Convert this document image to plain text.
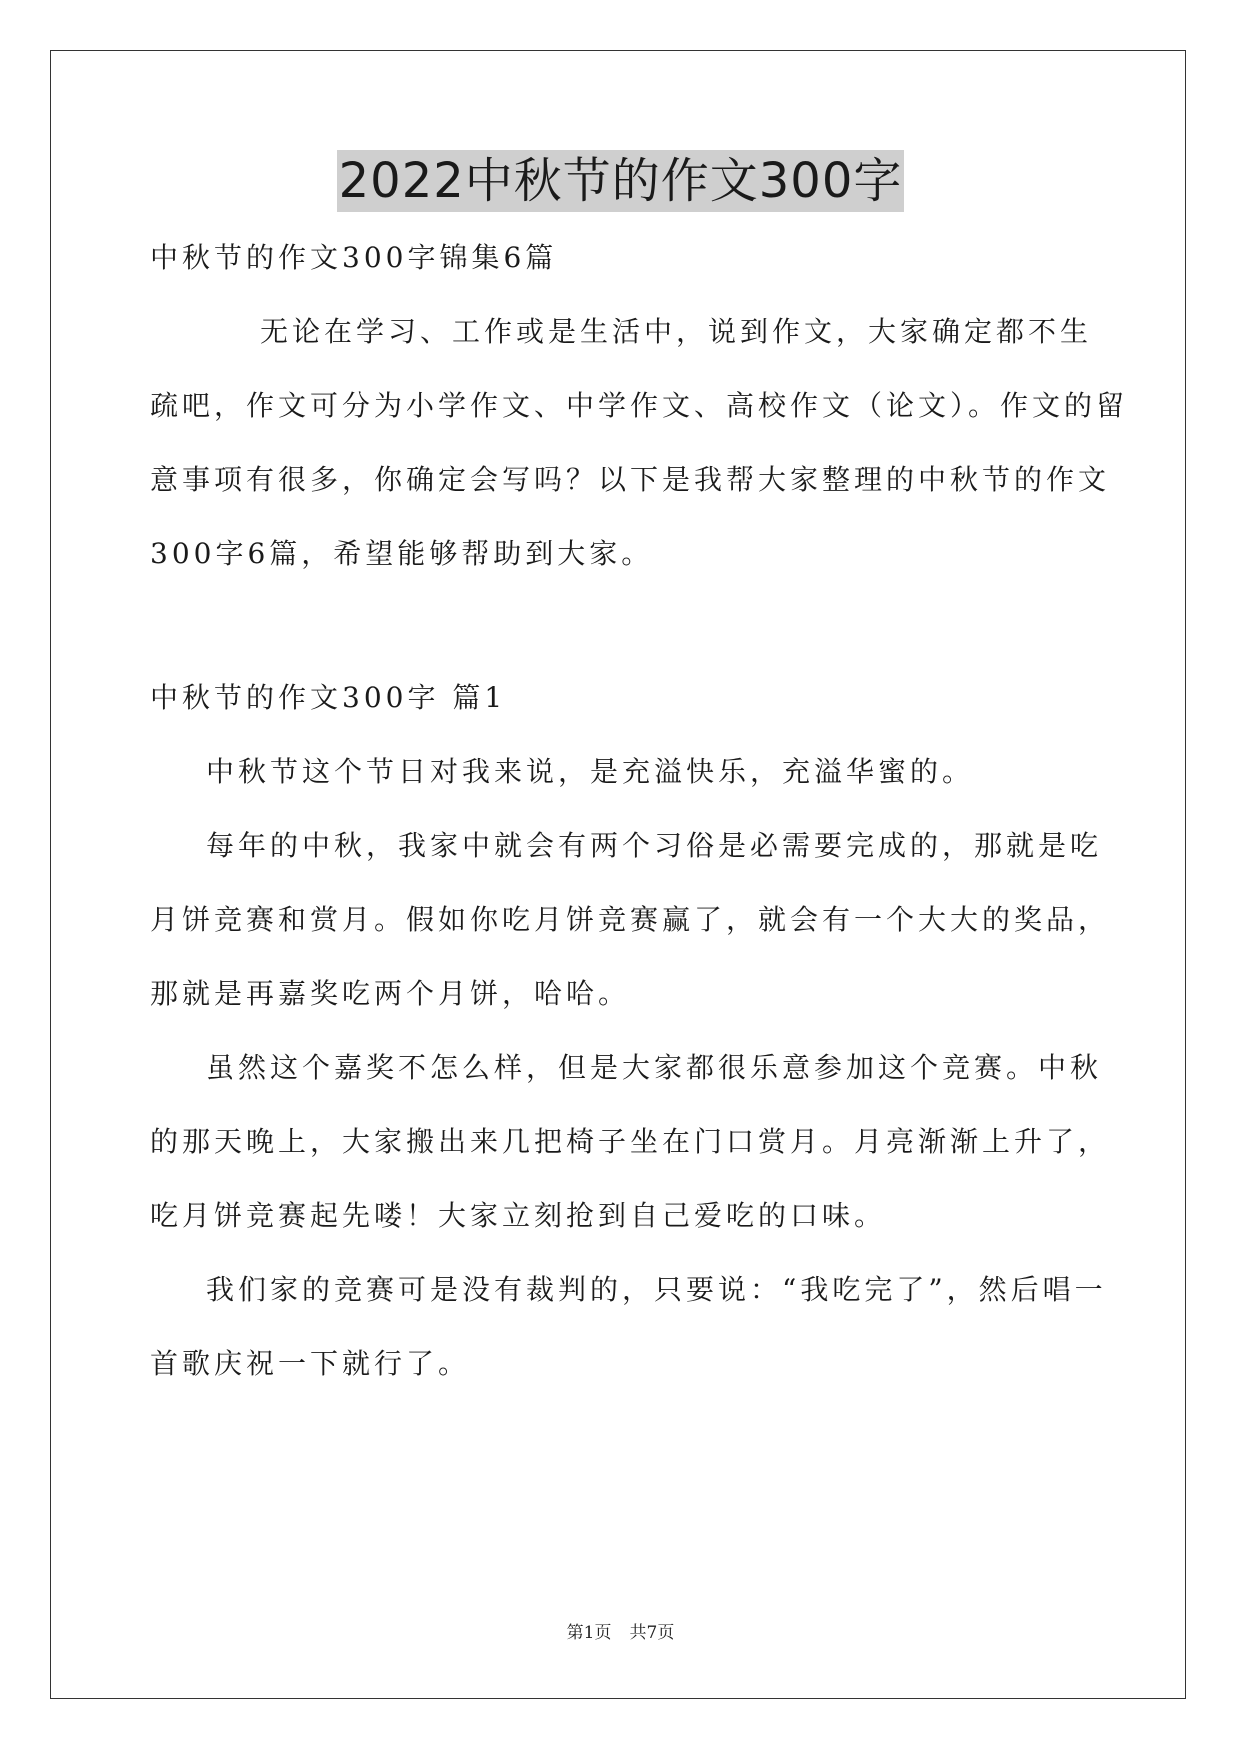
2022中秋节的作文300字
中秋节的作文300字锦集6篇
无论在学习、工作或是生活中，说到作文，大家确定都不生
疏吧，作文可分为小学作文、中学作文、高校作文（论文）。作文的留
意事项有很多，你确定会写吗？以下是我帮大家整理的中秋节的作文
300字6篇，希望能够帮助到大家。
中秋节的作文300字 篇1
中秋节这个节日对我来说，是充溢快乐，充溢华蜜的。
每年的中秋，我家中就会有两个习俗是必需要完成的，那就是吃
月饼竞赛和赏月。假如你吃月饼竞赛赢了，就会有一个大大的奖品，
那就是再嘉奖吃两个月饼，哈哈。
虽然这个嘉奖不怎么样，但是大家都很乐意参加这个竞赛。中秋
的那天晚上，大家搬出来几把椅子坐在门口赏月。月亮渐渐上升了，
吃月饼竞赛起先喽！大家立刻抢到自己爱吃的口味。
我们家的竞赛可是没有裁判的，只要说：“我吃完了”，然后唱一
首歌庆祝一下就行了。
第1页 共7页
